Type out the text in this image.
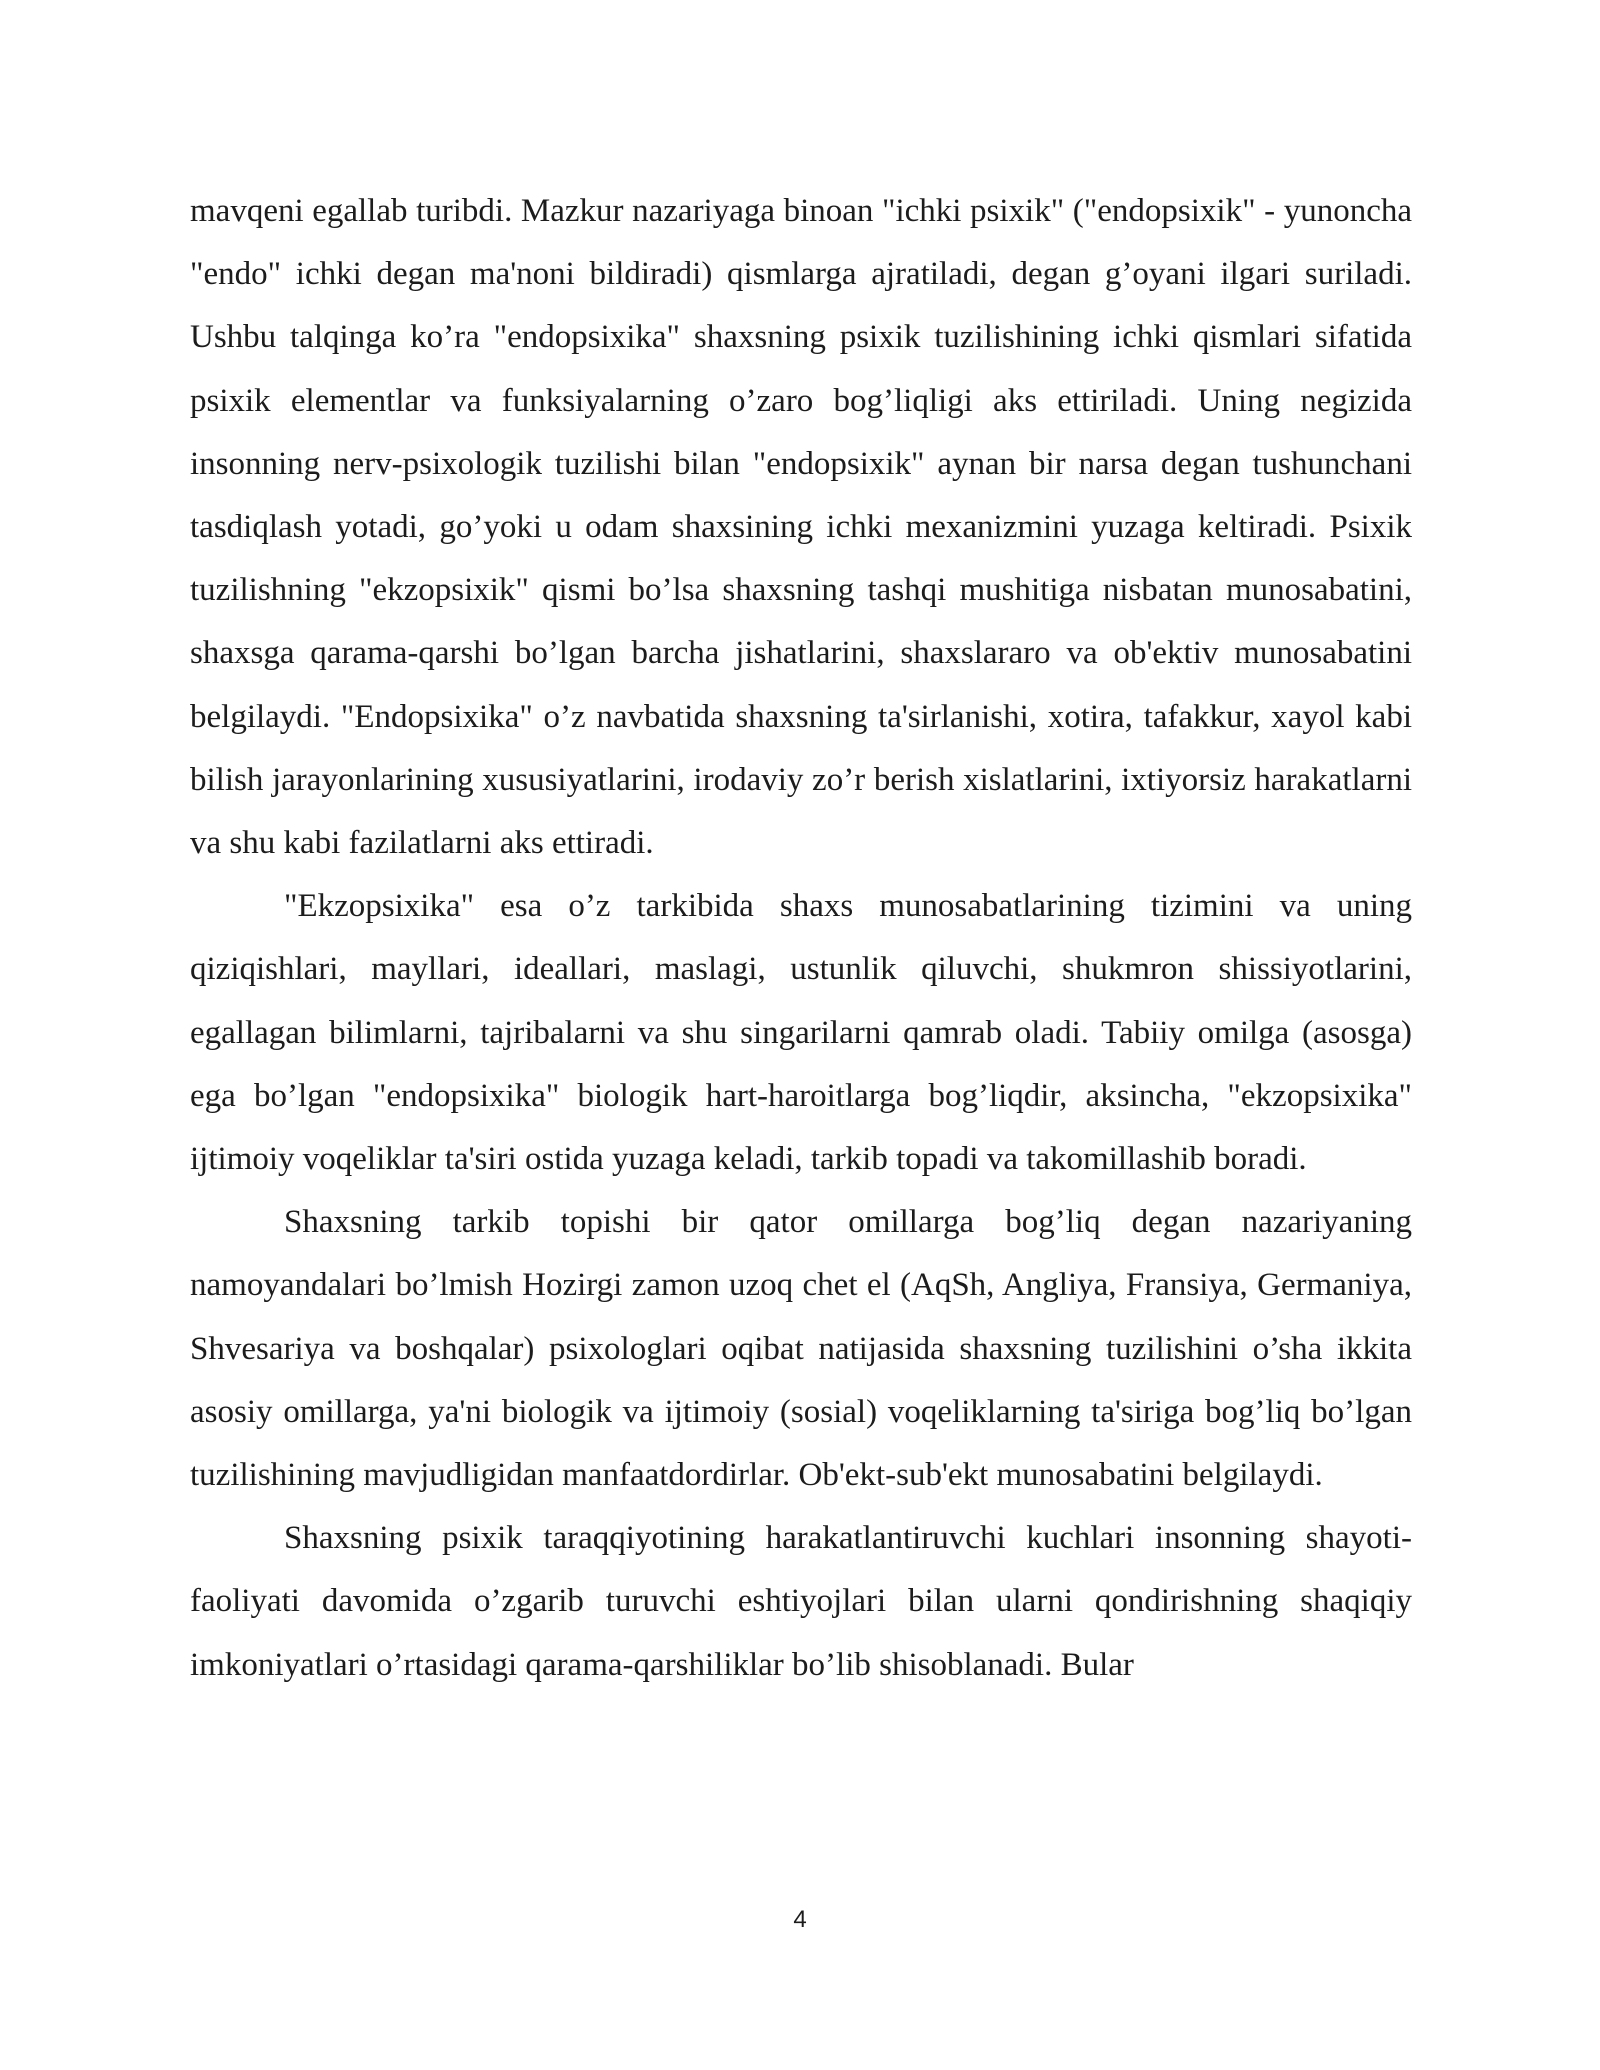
mavqeni egallab turibdi. Mazkur nazariyaga binoan "ichki psixik" ("endopsixik" - yunoncha "endo" ichki degan ma'noni bildiradi) qismlarga ajratiladi, degan g’oyani ilgari suriladi. Ushbu talqinga ko’ra "endopsixika" shaxsning psixik tuzilishining ichki qismlari sifatida psixik elementlar va funksiyalarning o’zaro bog’liqligi aks ettiriladi. Uning negizida insonning nerv-psixologik tuzilishi bilan "endopsixik" aynan bir narsa degan tushunchani tasdiqlash yotadi, go’yoki u odam shaxsining ichki mexanizmini yuzaga keltiradi. Psixik tuzilishning "ekzopsixik" qismi bo’lsa shaxsning tashqi mushitiga nisbatan munosabatini, shaxsga qarama-qarshi bo’lgan barcha jishatlarini, shaxslararo va ob'ektiv munosabatini belgilaydi. "Endopsixika" o’z navbatida shaxsning ta'sirlanishi, xotira, tafakkur, xayol kabi bilish jarayonlarining xususiyatlarini, irodaviy zo’r berish xislatlarini, ixtiyorsiz harakatlarni va shu kabi fazilatlarni aks ettiradi.

"Ekzopsixika" esa o’z tarkibida shaxs munosabatlarining tizimini va uning qiziqishlari, mayllari, ideallari, maslagi, ustunlik qiluvchi, shukmron shissiyotlarini, egallagan bilimlarni, tajribalarni va shu singarilarni qamrab oladi. Tabiiy omilga (asosga) ega bo’lgan "endopsixika" biologik hart-haroitlarga bog’liqdir, aksincha, "ekzopsixika" ijtimoiy voqeliklar ta'siri ostida yuzaga keladi, tarkib topadi va takomillashib boradi.

Shaxsning tarkib topishi bir qator omillarga bog’liq degan nazariyaning namoyandalari bo’lmish Hozirgi zamon uzoq chet el (AqSh, Angliya, Fransiya, Germaniya, Shvesariya va boshqalar) psixologlari oqibat natijasida shaxsning tuzilishini o’sha ikkita asosiy omillarga, ya'ni biologik va ijtimoiy (sosial) voqeliklarning ta'siriga bog’liq bo’lgan tuzilishining mavjudligidan manfaatdordirlar. Ob'ekt-sub'ekt munosabatini belgilaydi.

Shaxsning psixik taraqqiyotining harakatlantiruvchi kuchlari insonning shayoti-faoliyati davomida o’zgarib turuvchi eshtiyojlari bilan ularni qondirishning shaqiqiy imkoniyatlari o’rtasidagi qarama-qarshiliklar bo’lib shisoblanadi. Bular

4
